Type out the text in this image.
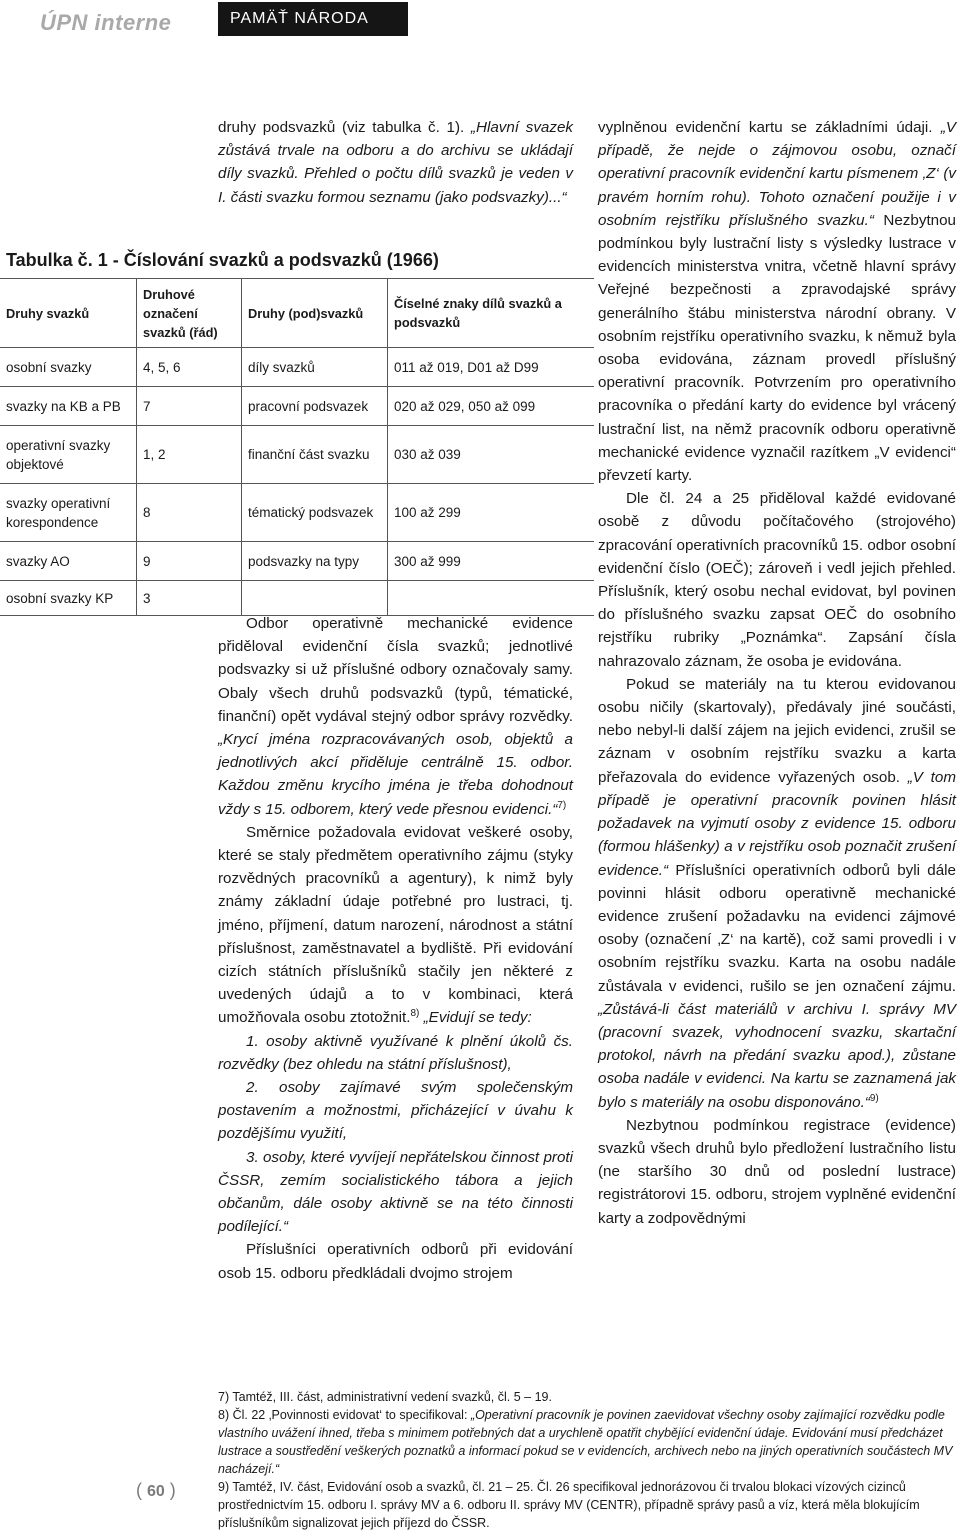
ÚPN interne	PAMÄŤ NÁRODA

druhy podsvazků (viz tabulka č. 1). „Hlavní svazek zůstává trvale na odboru a do archivu se ukládají díly svazků. Přehled o počtu dílů svazků je veden v I. části svazku formou seznamu (jako podsvazky)...“

Tabulka č. 1 - Číslování svazků a podsvazků (1966)
Druhy svazků	Druhové označení svazků (řád)	Druhy (pod)svazků	Číselné znaky dílů svazků a podsvazků
osobní svazky	4, 5, 6	díly svazků	011 až 019, D01 až D99
svazky na KB a PB	7	pracovní podsvazek	020 až 029, 050 až 099
operativní svazky objektové	1, 2	finanční část svazku	030 až 039
svazky operativní korespondence	8	tématický podsvazek	100 až 299
svazky AO	9	podsvazky na typy	300 až 999
osobní svazky KP	3		

Odbor operativně mechanické evidence přiděloval evidenční čísla svazků; jednotlivé podsvazky si už příslušné odbory označovaly samy. Obaly všech druhů podsvazků (typů, tématické, finanční) opět vydával stejný odbor správy rozvědky. „Krycí jména rozpracovávaných osob, objektů a jednotlivých akcí přiděluje centrálně 15. odbor. Každou změnu krycího jména je třeba dohodnout vždy s 15. odborem, který vede přesnou evidenci.“$^{7)}$

Směrnice požadovala evidovat veškeré osoby, které se staly předmětem operativního zájmu (styky rozvědných pracovníků a agentury), k nimž byly známy základní údaje potřebné pro lustraci, tj. jméno, příjmení, datum narození, národnost a státní příslušnost, zaměstnavatel a bydliště. Při evidování cizích státních příslušníků stačily jen některé z uvedených údajů a to v kombinaci, která umožňovala osobu ztotožnit.$^{8)}$ „Evidují se tedy:

1. osoby aktivně využívané k plnění úkolů čs. rozvědky (bez ohledu na státní příslušnost),

2. osoby zajímavé svým společenským postavením a možnostmi, přicházející v úvahu k pozdějšímu využití,

3. osoby, které vyvíjejí nepřátelskou činnost proti ČSSR, zemím socialistického tábora a jejich občanům, dále osoby aktivně se na této činnosti podílející.“

Příslušníci operativních odborů při evidování osob 15. odboru předkládali dvojmo strojem

vyplněnou evidenční kartu se základními údaji. „V případě, že nejde o zájmovou osobu, označí operativní pracovník evidenční kartu písmenem ‚Z‘ (v pravém horním rohu). Tohoto označení použije i v osobním rejstříku příslušného svazku.“ Nezbytnou podmínkou byly lustrační listy s výsledky lustrace v evidencích ministerstva vnitra, včetně hlavní správy Veřejné bezpečnosti a zpravodajské správy generálního štábu ministerstva národní obrany. V osobním rejstříku operativního svazku, k němuž byla osoba evidována, záznam provedl příslušný operativní pracovník. Potvrzením pro operativního pracovníka o předání karty do evidence byl vrácený lustrační list, na němž pracovník odboru operativně mechanické evidence vyznačil razítkem „V evidenci“ převzetí karty.

Dle čl. 24 a 25 přiděloval každé evidované osobě z důvodu počítačového (strojového) zpracování operativních pracovníků 15. odbor osobní evidenční číslo (OEČ); zároveň i vedl jejich přehled. Příslušník, který osobu nechal evidovat, byl povinen do příslušného svazku zapsat OEČ do osobního rejstříku rubriky „Poznámka“. Zapsání čísla nahrazovalo záznam, že osoba je evidována.

Pokud se materiály na tu kterou evidovanou osobu ničily (skartovaly), předávaly jiné součásti, nebo nebyl-li další zájem na jejich evidenci, zrušil se záznam v osobním rejstříku svazku a karta přeřazovala do evidence vyřazených osob. „V tom případě je operativní pracovník povinen hlásit požadavek na vyjmutí osoby z evidence 15. odboru (formou hlášenky) a v rejstříku osob poznačit zrušení evidence.“ Příslušníci operativních odborů byli dále povinni hlásit odboru operativně mechanické evidence zrušení požadavku na evidenci zájmové osoby (označení ‚Z‘ na kartě), což sami provedli i v osobním rejstříku svazku. Karta na osobu nadále zůstávala v evidenci, rušilo se jen označení zájmu. „Zůstává-li část materiálů v archivu I. správy MV (pracovní svazek, vyhodnocení svazku, skartační protokol, návrh na předání svazku apod.), zůstane osoba nadále v evidenci. Na kartu se zaznamená jak bylo s materiály na osobu disponováno.“$^{9)}$

Nezbytnou podmínkou registrace (evidence) svazků všech druhů bylo předložení lustračního listu (ne staršího 30 dnů od poslední lustrace) registrátorovi 15. odboru, strojem vyplněné evidenční karty a zodpovědnými

7) Tamtéž, III. část, administrativní vedení svazků, čl. 5 – 19.

8) Čl. 22 ‚Povinnosti evidovat‘ to specifikoval: „Operativní pracovník je povinen zaevidovat všechny osoby zajímající rozvědku podle vlastního uvážení ihned, třeba s minimem potřebných dat a urychleně opatřit chybějící evidenční údaje. Evidování musí předcházet lustrace a soustředění veškerých poznatků a informací pokud se v evidencích, archivech nebo na jiných operativních součástech MV nacházejí.“

9) Tamtéž, IV. část, Evidování osob a svazků, čl. 21 – 25. Čl. 26 specifikoval jednorázovou či trvalou blokaci vízových cizinců prostřednictvím 15. odboru I. správy MV a 6. odboru II. správy MV (CENTR), případně správy pasů a víz, která měla blokujícím příslušníkům signalizovat jejich příjezd do ČSSR.

( 60 )
